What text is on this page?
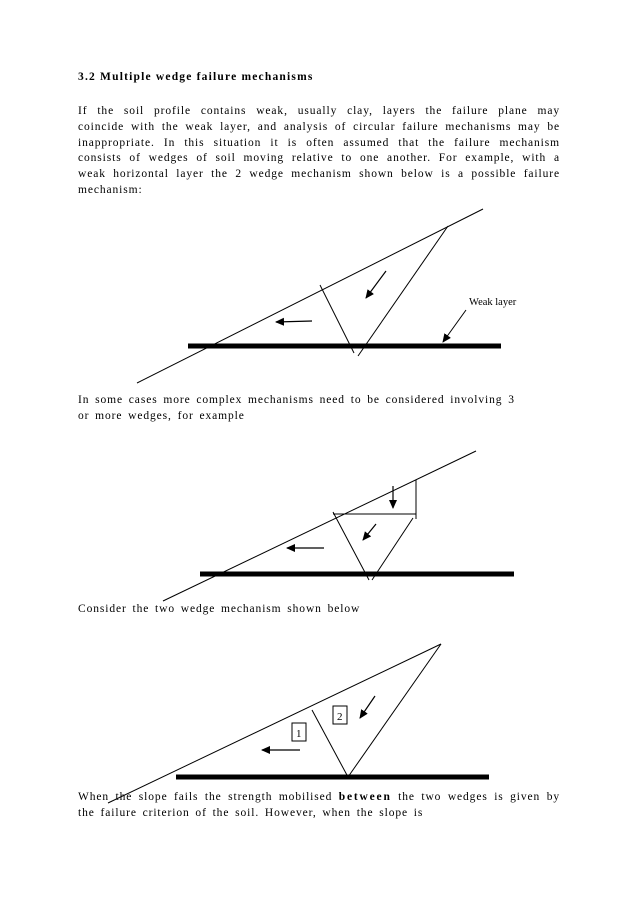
3.2 Multiple wedge failure mechanisms

If the soil profile contains weak, usually clay, layers the failure plane may coincide with the weak layer, and analysis of circular failure mechanisms may be inappropriate. In this situation it is often assumed that the failure mechanism consists of wedges of soil moving relative to one another. For example, with a weak horizontal layer the 2 wedge mechanism shown below is a possible failure mechanism:

Weak layer
1
2

In some cases more complex mechanisms need to be considered involving 3 or more wedges, for example

Consider the two wedge mechanism shown below

When the slope fails the strength mobilised between the two wedges is given by the failure criterion of the soil. However, when the slope is
